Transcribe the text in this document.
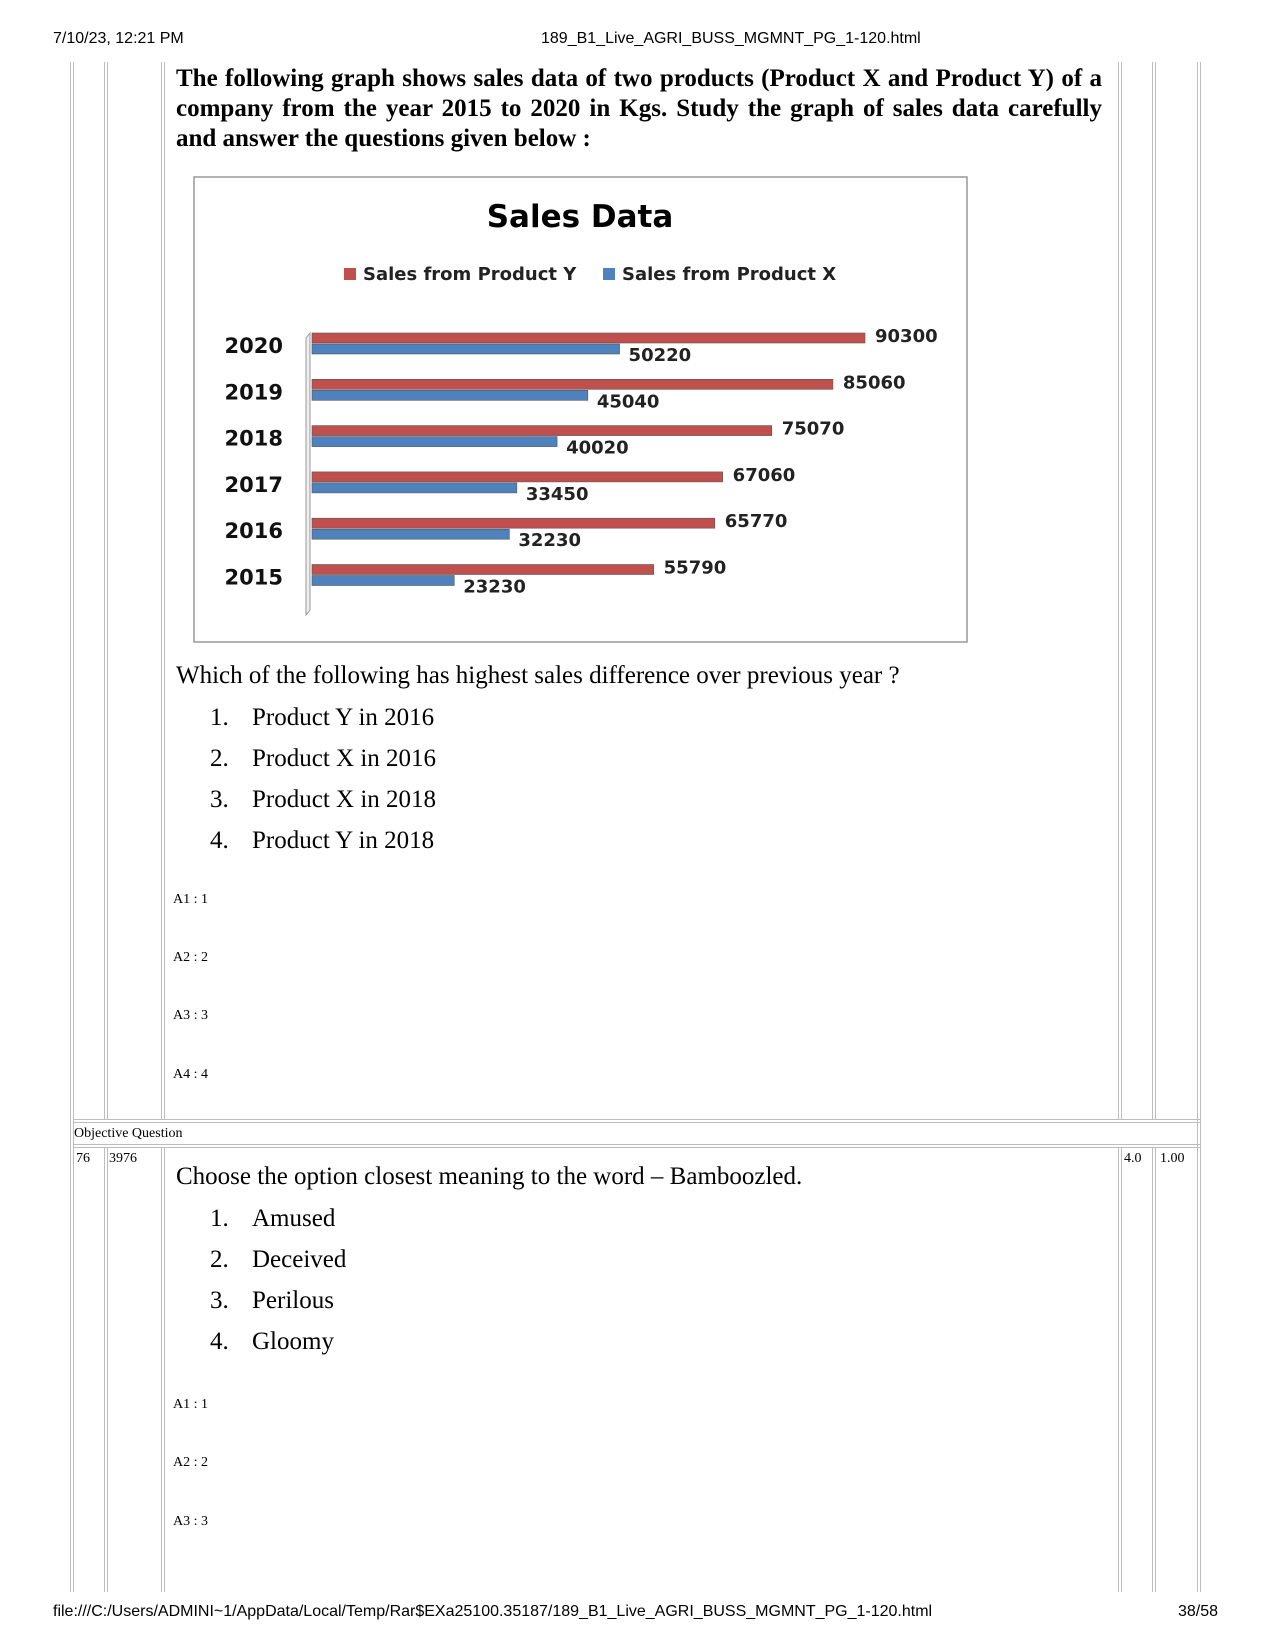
7/10/23, 12:21 PM	189_B1_Live_AGRI_BUSS_MGMNT_PG_1-120.html
file:///C:/Users/ADMINI~1/AppData/Local/Temp/Rar$EXa25100.35187/189_B1_Live_AGRI_BUSS_MGMNT_PG_1-120.html	38/58
The following graph shows sales data of two products (Product X and Product Y) of a company from the year 2015 to 2020 in Kgs. Study the graph of sales data carefully and answer the questions given below :
Sales Data
Sales from Product Y	Sales from Product X
2020	90300
50220
2019	85060
45040
2018	75070
40020
2017	67060
33450
2016	65770
32230
2015	55790
23230
Which of the following has highest sales difference over previous year ?
1. Product Y in 2016
2. Product X in 2016
3. Product X in 2018
4. Product Y in 2018
A1 : 1
A2 : 2
A3 : 3
A4 : 4
Objective Question
76 3976	4.0 1.00
Choose the option closest meaning to the word – Bamboozled.
1. Amused
2. Deceived
3. Perilous
4. Gloomy
A1 : 1
A2 : 2
A3 : 3
